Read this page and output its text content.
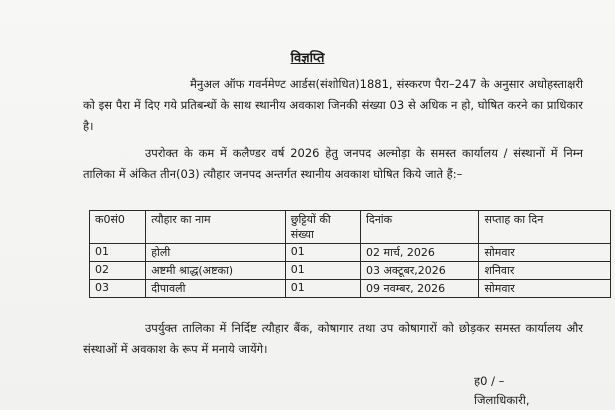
विज्ञप्ति
मैनुअल ऑफ गवर्नमेण्ट आर्डस(संशोधित)1881, संस्करण पैरा–247 के अनुसार अधोहस्ताक्षरी को इस पैरा में दिए गये प्रतिबन्धों के साथ स्थानीय अवकाश जिनकी संख्या 03 से अधिक न हो, घोषित करने का प्राधिकार है।
उपरोक्त के कम में कलैण्डर वर्ष 2026 हेतु जनपद अल्मोड़ा के समस्त कार्यालय / संस्थानों में निम्न तालिका में अंकित तीन(03) त्यौहार जनपद अन्तर्गत स्थानीय अवकाश घोषित किये जाते हैं:–
क0सं0	त्यौहार का नाम	छुट्टियों की संख्या	दिनांक	सप्ताह का दिन
01	होली	01	02 मार्च, 2026	सोमवार
02	अष्टमी श्राद्ध(अष्टका)	01	03 अक्टूबर,2026	शनिवार
03	दीपावली	01	09 नवम्बर, 2026	सोमवार
उपर्युक्त तालिका में निर्दिष्ट त्यौहार बैंक, कोषागार तथा उप कोषागारों को छोड़कर समस्त कार्यालय और संस्थाओं में अवकाश के रूप में मनाये जायेंगे।
ह0 / –
जिलाधिकारी,
